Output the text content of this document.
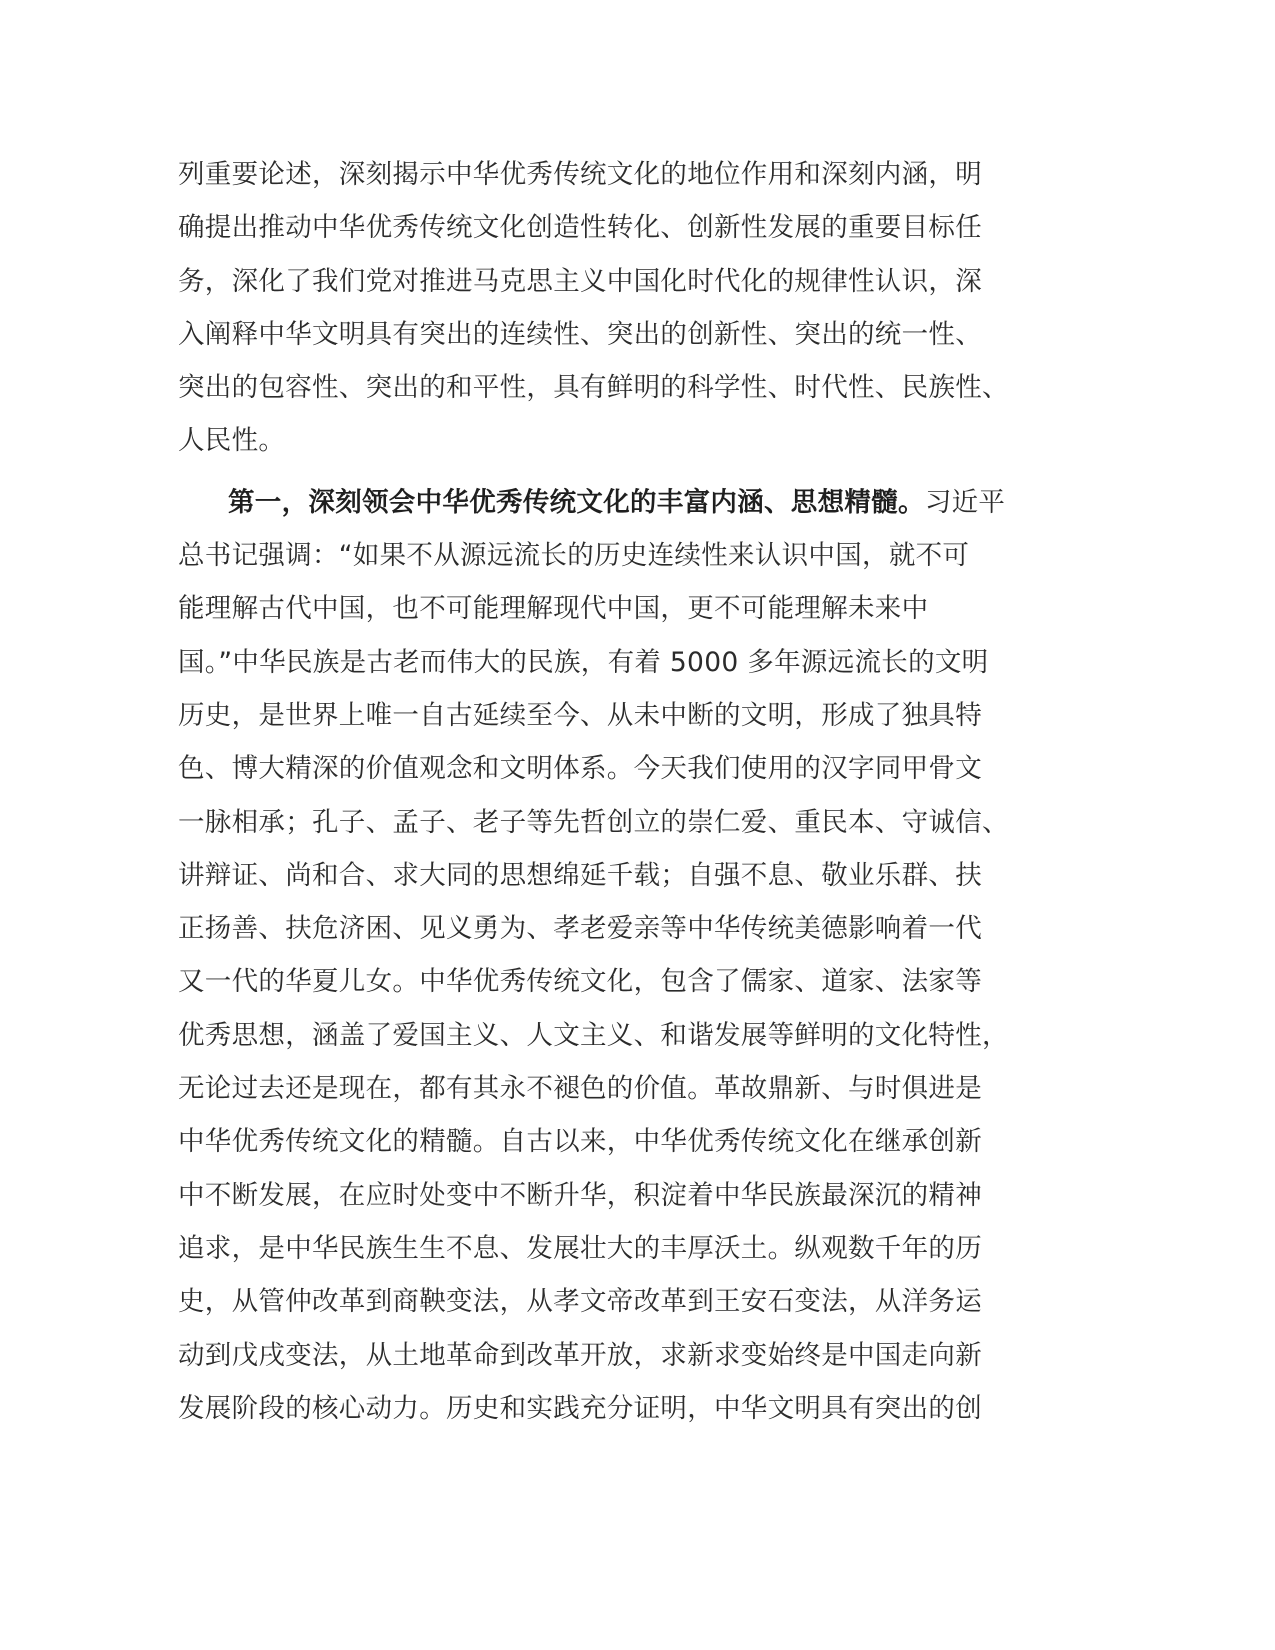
列重要论述，深刻揭示中华优秀传统文化的地位作用和深刻内涵，明
确提出推动中华优秀传统文化创造性转化、创新性发展的重要目标任
务，深化了我们党对推进马克思主义中国化时代化的规律性认识，深
入阐释中华文明具有突出的连续性、突出的创新性、突出的统一性、
突出的包容性、突出的和平性，具有鲜明的科学性、时代性、民族性、
人民性。
第一，深刻领会中华优秀传统文化的丰富内涵、思想精髓。习近平
总书记强调：“如果不从源远流长的历史连续性来认识中国，就不可
能理解古代中国，也不可能理解现代中国，更不可能理解未来中
国。”中华民族是古老而伟大的民族，有着 5000 多年源远流长的文明
历史，是世界上唯一自古延续至今、从未中断的文明，形成了独具特
色、博大精深的价值观念和文明体系。今天我们使用的汉字同甲骨文
一脉相承；孔子、孟子、老子等先哲创立的崇仁爱、重民本、守诚信、
讲辩证、尚和合、求大同的思想绵延千载；自强不息、敬业乐群、扶
正扬善、扶危济困、见义勇为、孝老爱亲等中华传统美德影响着一代
又一代的华夏儿女。中华优秀传统文化，包含了儒家、道家、法家等
优秀思想，涵盖了爱国主义、人文主义、和谐发展等鲜明的文化特性，
无论过去还是现在，都有其永不褪色的价值。革故鼎新、与时俱进是
中华优秀传统文化的精髓。自古以来，中华优秀传统文化在继承创新
中不断发展，在应时处变中不断升华，积淀着中华民族最深沉的精神
追求，是中华民族生生不息、发展壮大的丰厚沃土。纵观数千年的历
史，从管仲改革到商鞅变法，从孝文帝改革到王安石变法，从洋务运
动到戊戌变法，从土地革命到改革开放，求新求变始终是中国走向新
发展阶段的核心动力。历史和实践充分证明，中华文明具有突出的创
